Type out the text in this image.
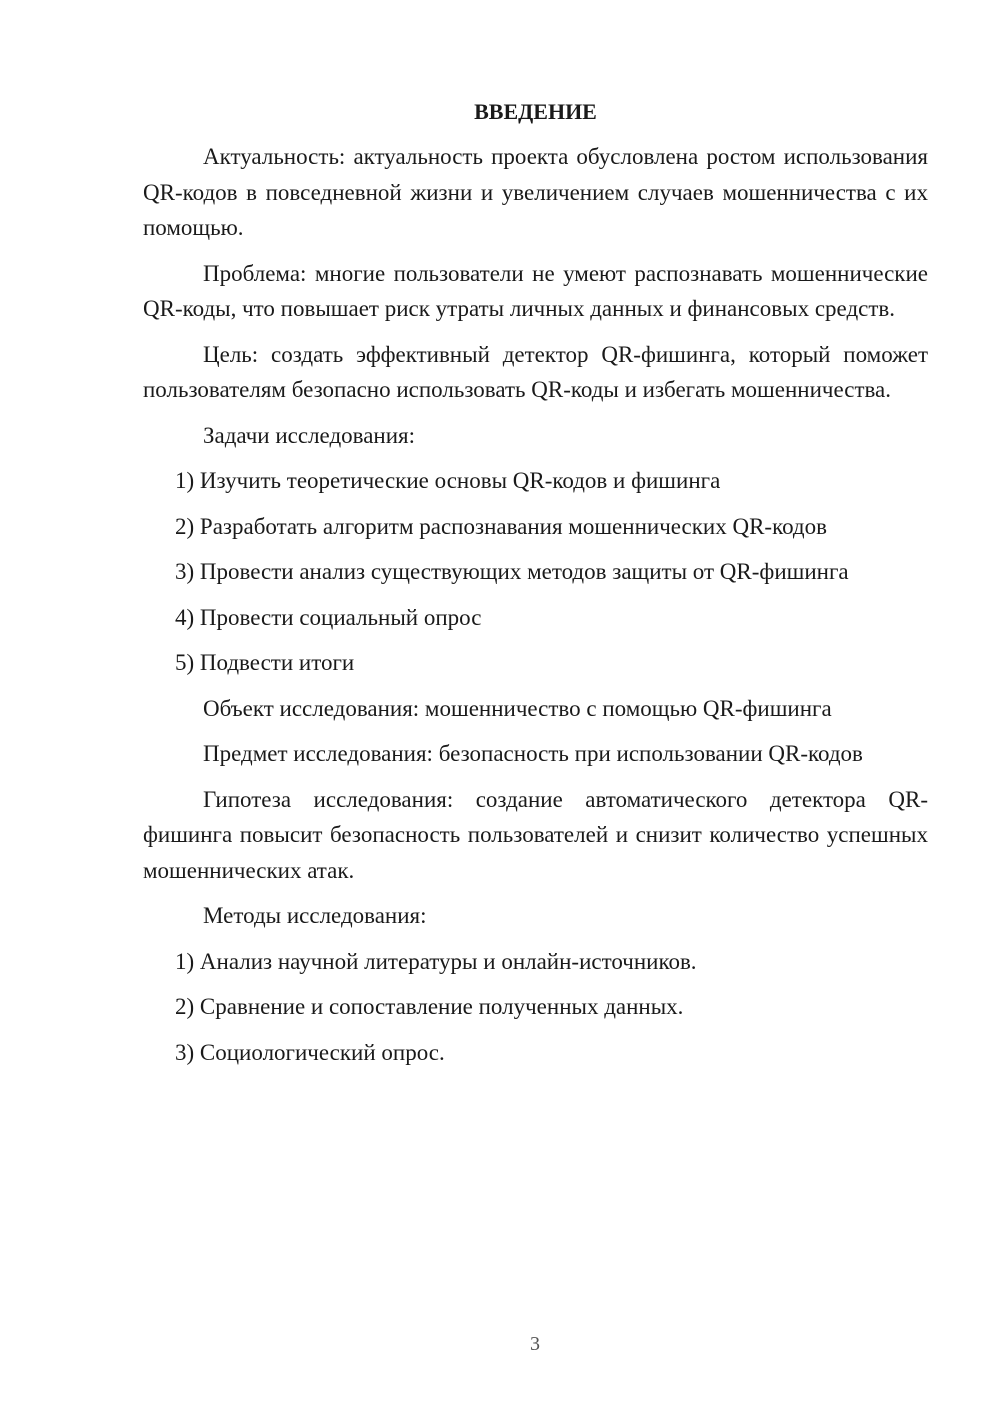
ВВЕДЕНИЕ

Актуальность: актуальность проекта обусловлена ростом использования QR-кодов в повседневной жизни и увеличением случаев мошенничества с их помощью.

Проблема: многие пользователи не умеют распознавать мошеннические QR-коды, что повышает риск утраты личных данных и финансовых средств.

Цель: создать эффективный детектор QR-фишинга, который поможет пользователям безопасно использовать QR-коды и избегать мошенничества.

Задачи исследования:

1) Изучить теоретические основы QR-кодов и фишинга

2) Разработать алгоритм распознавания мошеннических QR-кодов

3) Провести анализ существующих методов защиты от QR-фишинга

4) Провести социальный опрос

5) Подвести итоги

Объект исследования: мошенничество с помощью QR-фишинга

Предмет исследования: безопасность при использовании QR-кодов

Гипотеза исследования: создание автоматического детектора QR-фишинга повысит безопасность пользователей и снизит количество успешных мошеннических атак.

Методы исследования:

1) Анализ научной литературы и онлайн-источников.

2) Сравнение и сопоставление полученных данных.

3) Социологический опрос.

3
